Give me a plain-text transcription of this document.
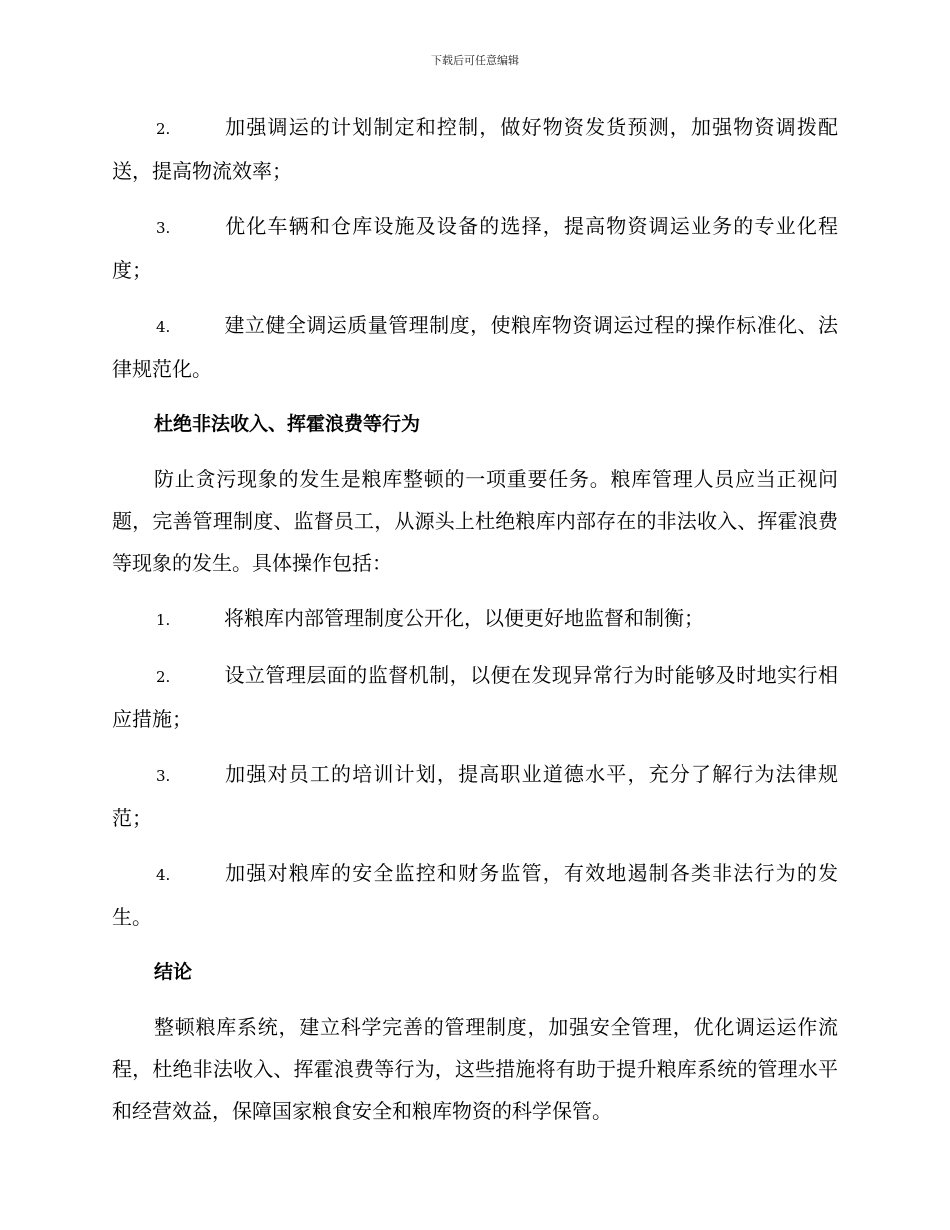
下载后可任意编辑
2.	加强调运的计划制定和控制，做好物资发货预测，加强物资调拨配送，提高物流效率；
3.	优化车辆和仓库设施及设备的选择，提高物资调运业务的专业化程度；
4.	建立健全调运质量管理制度，使粮库物资调运过程的操作标准化、法律规范化。
杜绝非法收入、挥霍浪费等行为
防止贪污现象的发生是粮库整顿的一项重要任务。粮库管理人员应当正视问题，完善管理制度、监督员工，从源头上杜绝粮库内部存在的非法收入、挥霍浪费等现象的发生。具体操作包括：
1.	将粮库内部管理制度公开化，以便更好地监督和制衡；
2.	设立管理层面的监督机制，以便在发现异常行为时能够及时地实行相应措施；
3.	加强对员工的培训计划，提高职业道德水平，充分了解行为法律规范；
4.	加强对粮库的安全监控和财务监管，有效地遏制各类非法行为的发生。
结论
整顿粮库系统，建立科学完善的管理制度，加强安全管理，优化调运运作流程，杜绝非法收入、挥霍浪费等行为，这些措施将有助于提升粮库系统的管理水平和经营效益，保障国家粮食安全和粮库物资的科学保管。
